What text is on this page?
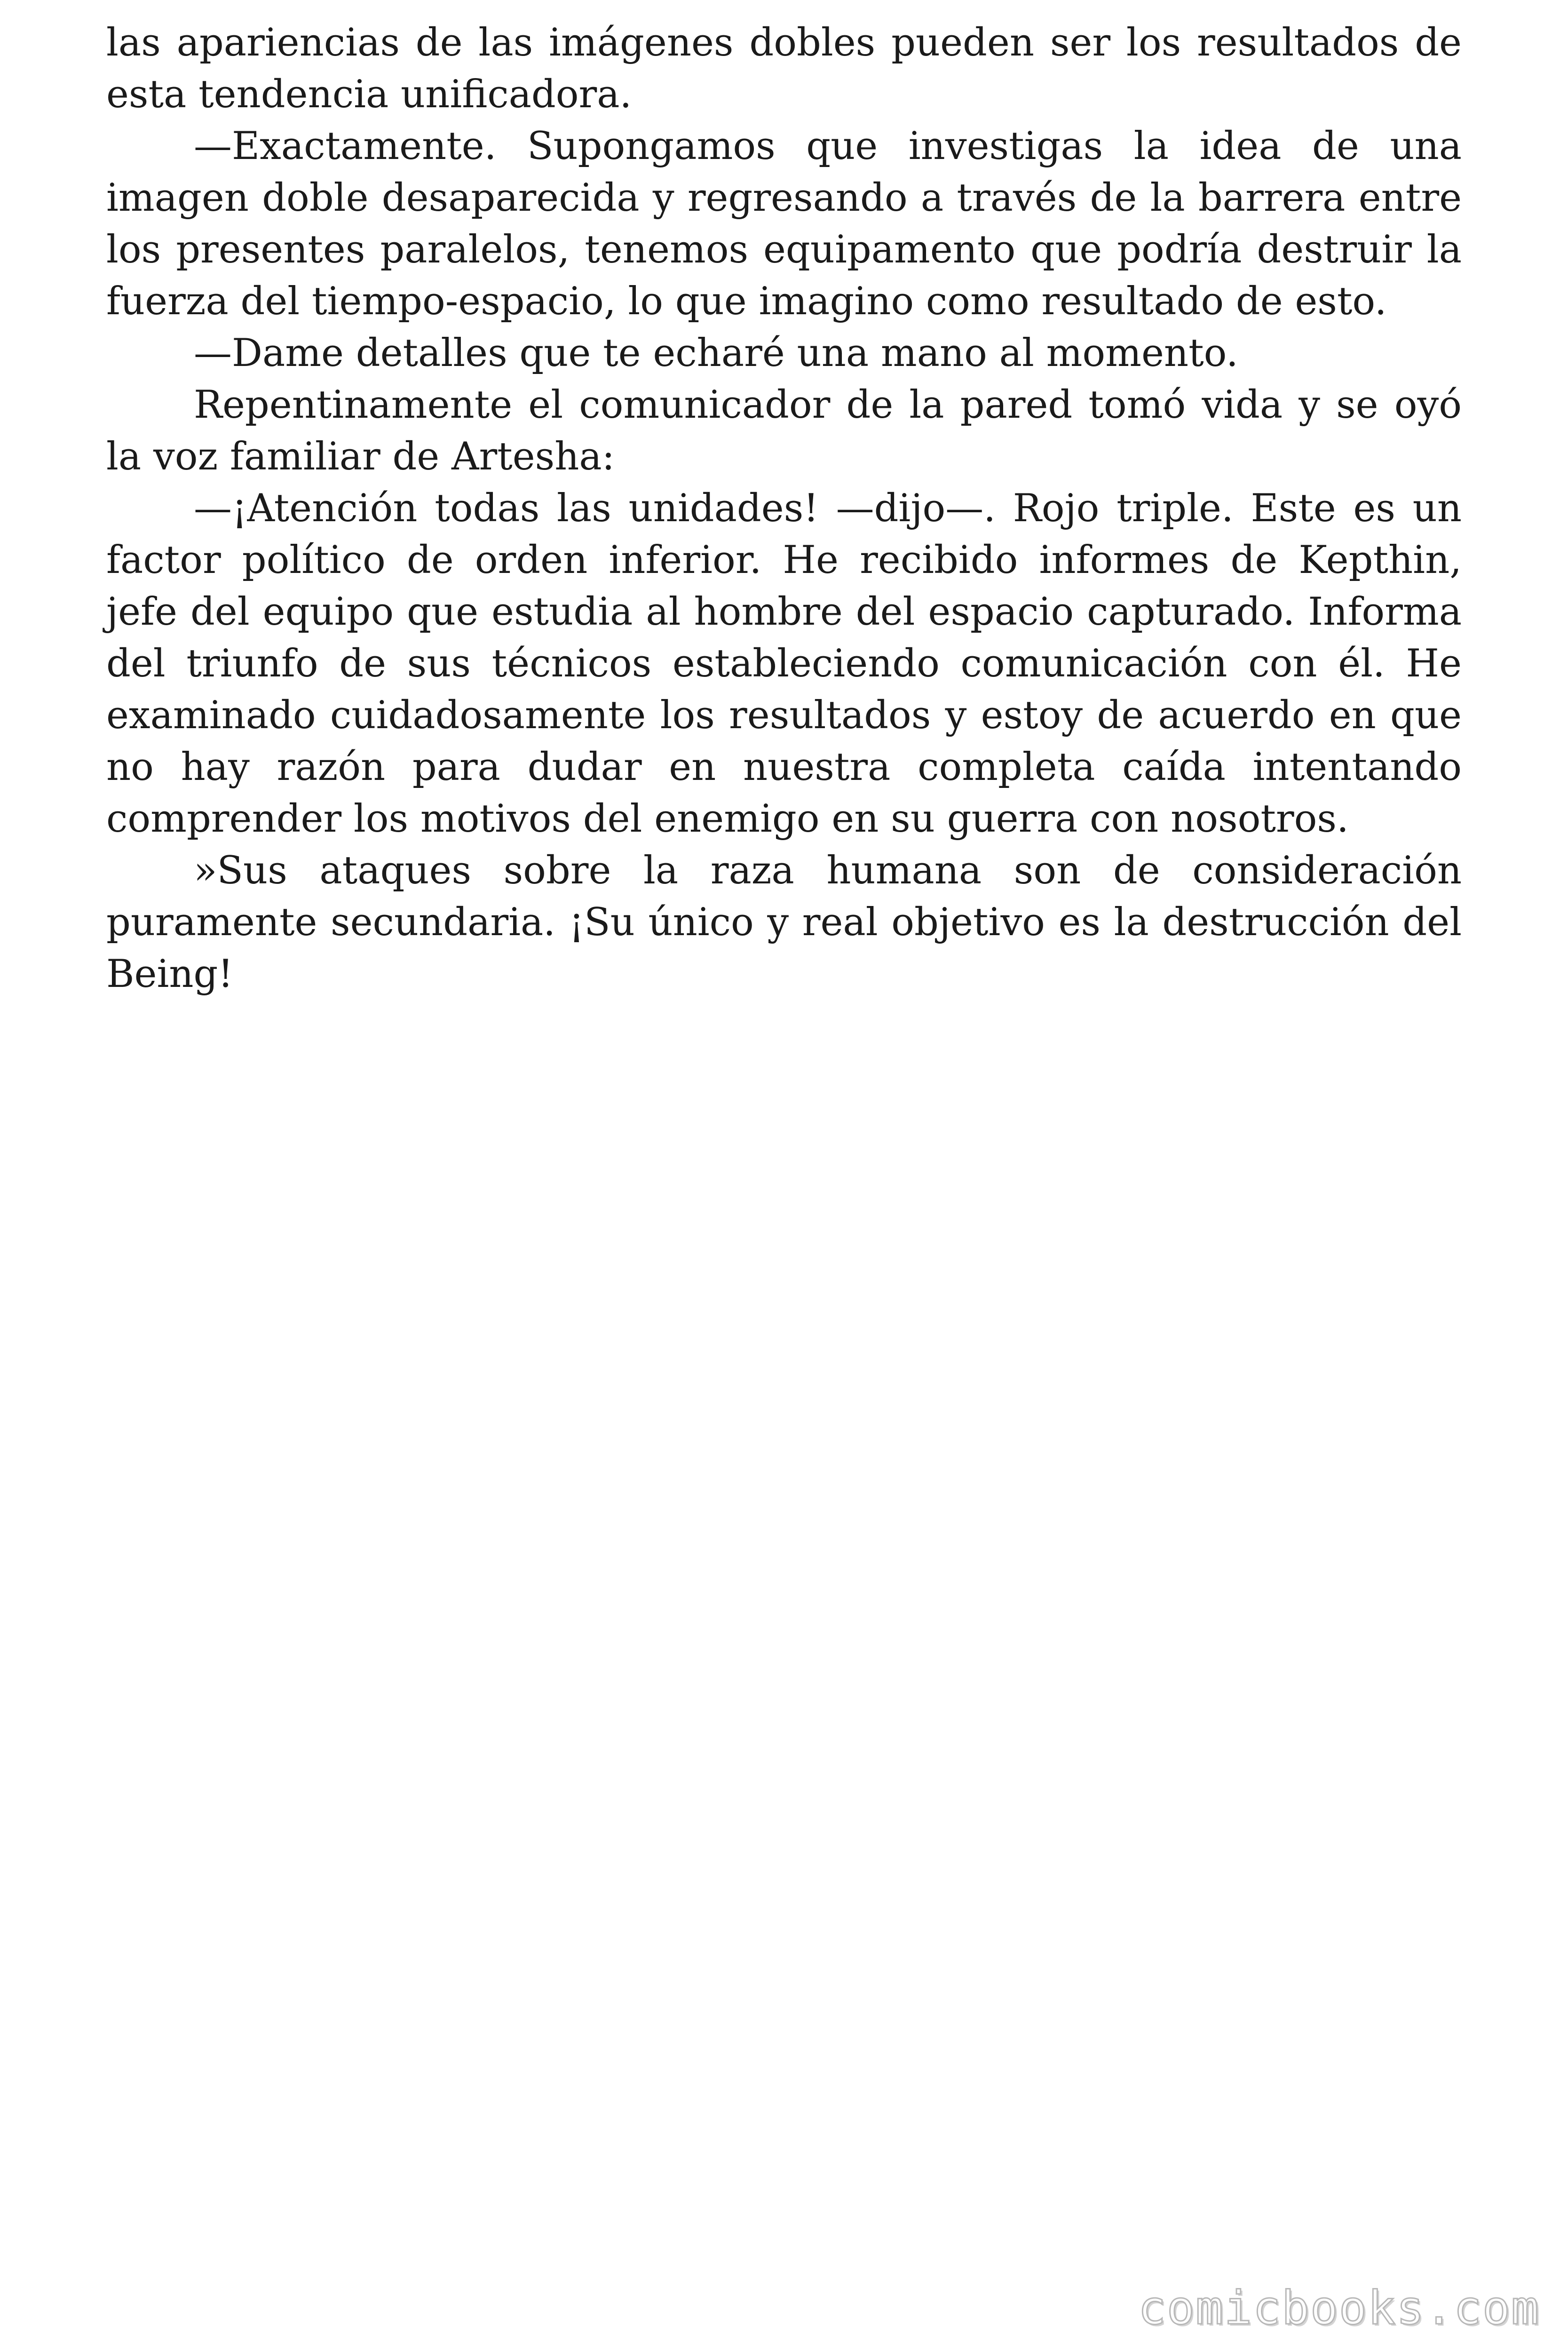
las apariencias de las imágenes dobles pueden ser los resultados de esta tendencia unificadora.

—Exactamente. Supongamos que investigas la idea de una imagen doble desaparecida y regresando a través de la barrera entre los presentes paralelos, tenemos equipamento que podría destruir la fuerza del tiempo-espacio, lo que imagino como resultado de esto.

—Dame detalles que te echaré una mano al momento.

Repentinamente el comunicador de la pared tomó vida y se oyó la voz familiar de Artesha:

—¡Atención todas las unidades! —dijo—. Rojo triple. Este es un factor político de orden inferior. He recibido informes de Kepthin, jefe del equipo que estudia al hombre del espacio capturado. Informa del triunfo de sus técnicos estableciendo comunicación con él. He examinado cuidadosamente los resultados y estoy de acuerdo en que no hay razón para dudar en nuestra completa caída intentando comprender los motivos del enemigo en su guerra con nosotros.

»Sus ataques sobre la raza humana son de consideración puramente secundaria. ¡Su único y real objetivo es la destrucción del Being!

comicbooks.com
